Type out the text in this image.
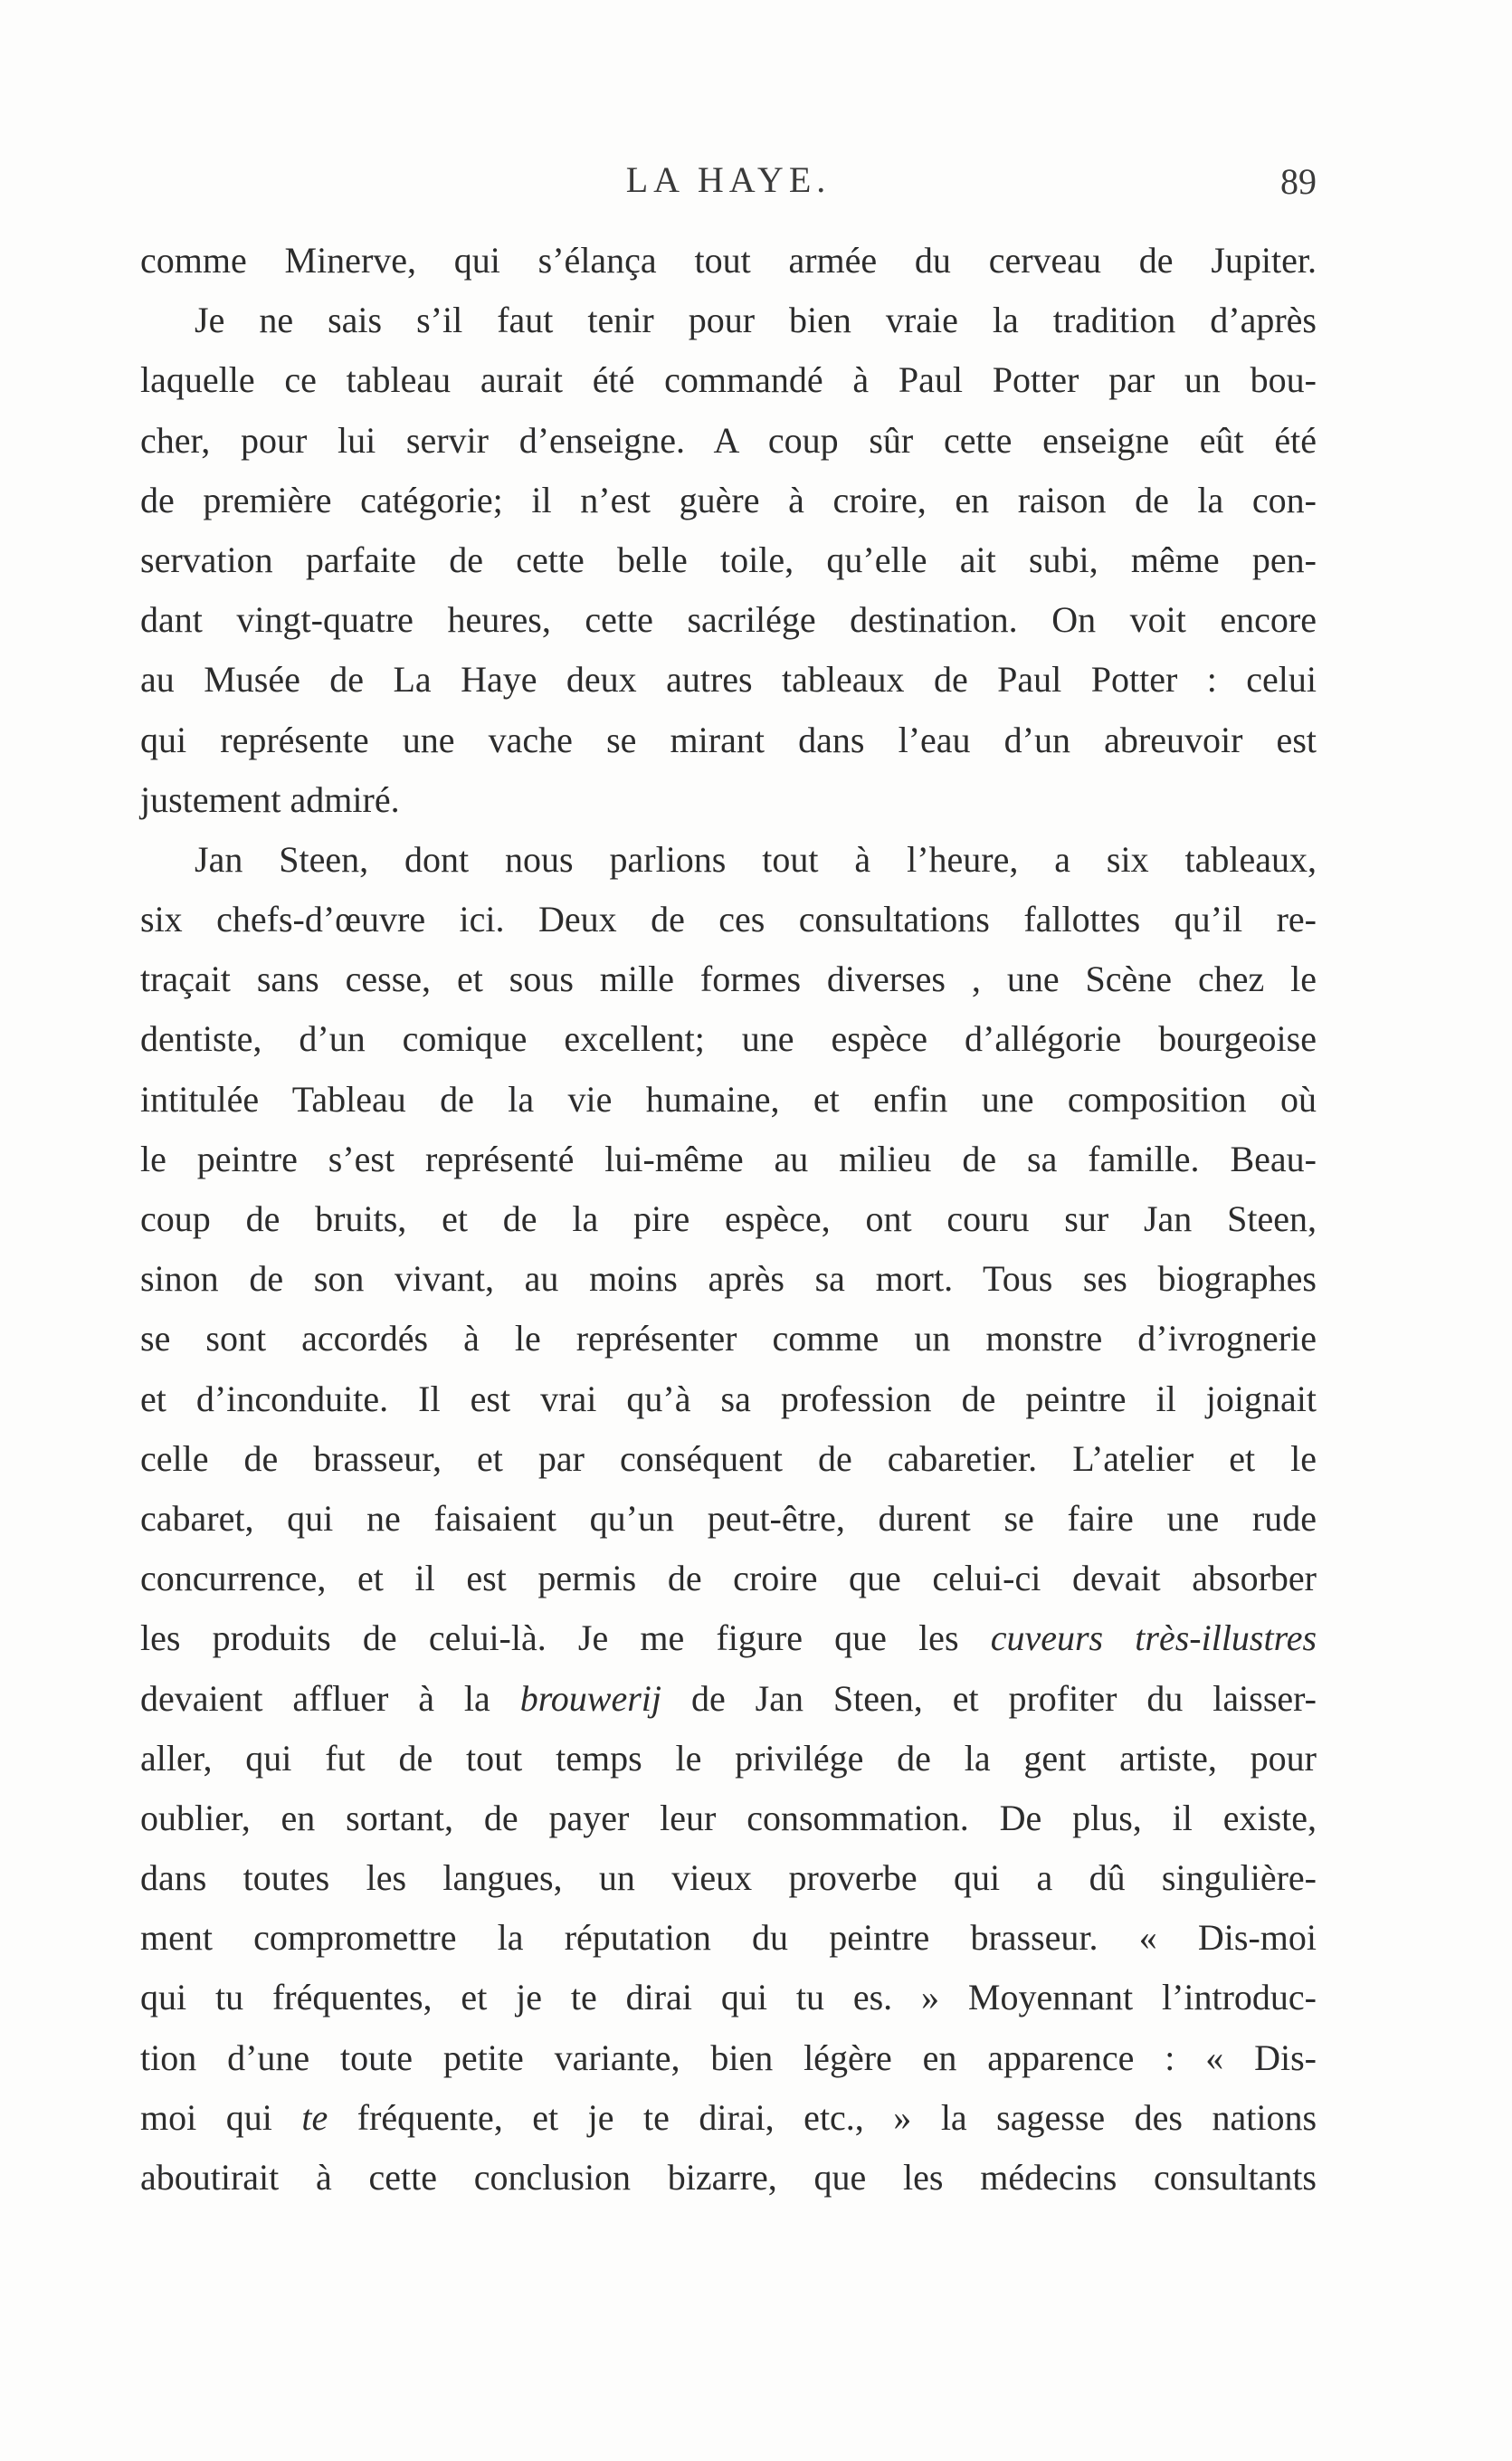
LA HAYE.	89
comme Minerve, qui s’élança tout armée du cerveau de Jupiter.
Je ne sais s’il faut tenir pour bien vraie la tradition d’après
laquelle ce tableau aurait été commandé à Paul Potter par un bou-
cher, pour lui servir d’enseigne. A coup sûr cette enseigne eût été
de première catégorie; il n’est guère à croire, en raison de la con-
servation parfaite de cette belle toile, qu’elle ait subi, même pen-
dant vingt-quatre heures, cette sacrilége destination. On voit encore
au Musée de La Haye deux autres tableaux de Paul Potter : celui
qui représente une vache se mirant dans l’eau d’un abreuvoir est
justement admiré.
Jan Steen, dont nous parlions tout à l’heure, a six tableaux,
six chefs-d’œuvre ici. Deux de ces consultations fallottes qu’il re-
traçait sans cesse, et sous mille formes diverses , une Scène chez le
dentiste, d’un comique excellent; une espèce d’allégorie bourgeoise
intitulée Tableau de la vie humaine, et enfin une composition où
le peintre s’est représenté lui-même au milieu de sa famille. Beau-
coup de bruits, et de la pire espèce, ont couru sur Jan Steen,
sinon de son vivant, au moins après sa mort. Tous ses biographes
se sont accordés à le représenter comme un monstre d’ivrognerie
et d’inconduite. Il est vrai qu’à sa profession de peintre il joignait
celle de brasseur, et par conséquent de cabaretier. L’atelier et le
cabaret, qui ne faisaient qu’un peut-être, durent se faire une rude
concurrence, et il est permis de croire que celui-ci devait absorber
les produits de celui-là. Je me figure que les cuveurs très-illustres
devaient affluer à la brouwerij de Jan Steen, et profiter du laisser-
aller, qui fut de tout temps le privilége de la gent artiste, pour
oublier, en sortant, de payer leur consommation. De plus, il existe,
dans toutes les langues, un vieux proverbe qui a dû singulière-
ment compromettre la réputation du peintre brasseur. « Dis-moi
qui tu fréquentes, et je te dirai qui tu es. » Moyennant l’introduc-
tion d’une toute petite variante, bien légère en apparence : « Dis-
moi qui te fréquente, et je te dirai, etc., » la sagesse des nations
aboutirait à cette conclusion bizarre, que les médecins consultants
